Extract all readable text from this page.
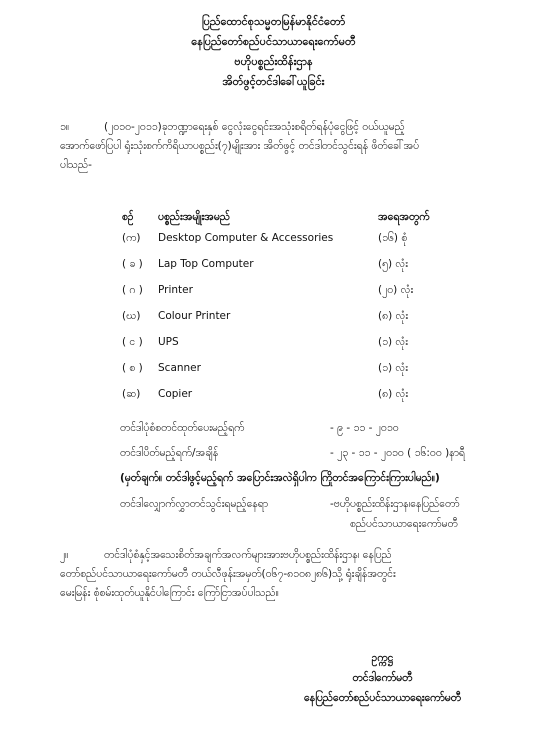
ပြည်ထောင်စုသမ္မတမြန်မာနိုင်ငံတော်
နေပြည်တော်စည်ပင်သာယာရေးကော်မတီ
ဗဟိုပစ္စည်းထိန်းဌာန
အိတ်ဖွင့်တင်ဒါခေါ်ယူခြင်း
၁။	(၂၀၁၀-၂၀၁၁)ခုဘဏ္ဍာရေးနှစ် ငွေလုံးငွေရင်းအသုံးစရိတ်ရန်ပုံငွေဖြင့် ဝယ်ယူမည့်
အောက်ဖော်ပြပါ ရုံးသုံးစက်ကိရိယာပစ္စည်း(၇)မျိုးအား အိတ်ဖွင့် တင်ဒါတင်သွင်းရန် ဖိတ်ခေါ်အပ်
ပါသည်-
စဉ် ပစ္စည်းအမျိုးအမည်	အရေအတွက်
(က) Desktop Computer & Accessories	(၁၆) စုံ
( ခ ) Lap Top Computer	(၅) လုံး
( ဂ ) Printer	(၂၀) လုံး
(ဃ) Colour Printer	(၈) လုံး
( င ) UPS	(၁) လုံး
( စ ) Scanner	(၁) လုံး
(ဆ) Copier	(၈) လုံး
တင်ဒါပုံစံစတင်ထုတ်ပေးမည့်ရက်	- ၉ - ၁၁ - ၂၀၁၀
တင်ဒါပိတ်မည့်ရက်/အချိန်	- ၂၃ - ၁၁ - ၂၀၁၀ ( ၁၆:၀၀ )နာရီ
(မှတ်ချက်။ တင်ဒါဖွင့်မည့်ရက် အပြောင်းအလဲရှိပါက ကြိုတင်အကြောင်းကြားပါမည်။)
တင်ဒါလျှောက်လွှာတင်သွင်းရမည့်နေရာ	-ဗဟိုပစ္စည်းထိန်းဌာန၊နေပြည်တော်
စည်ပင်သာယာရေးကော်မတီ
၂။	တင်ဒါပုံစံနှင့်အသေးစိတ်အချက်အလက်များအားဗဟိုပစ္စည်းထိန်းဌာန၊ နေပြည်
တော်စည်ပင်သာယာရေးကော်မတီ တယ်လီဖုန်းအမှတ်(၀၆၇-၈၁၀၈၂၈၆)သို့ ရုံးချိန်အတွင်း
မေးမြန်း စုံစမ်းထုတ်ယူနိုင်ပါကြောင်း ကြော်ငြာအပ်ပါသည်။
ဥက္ကဋ္ဌ
တင်ဒါကော်မတီ
နေပြည်တော်စည်ပင်သာယာရေးကော်မတီ
